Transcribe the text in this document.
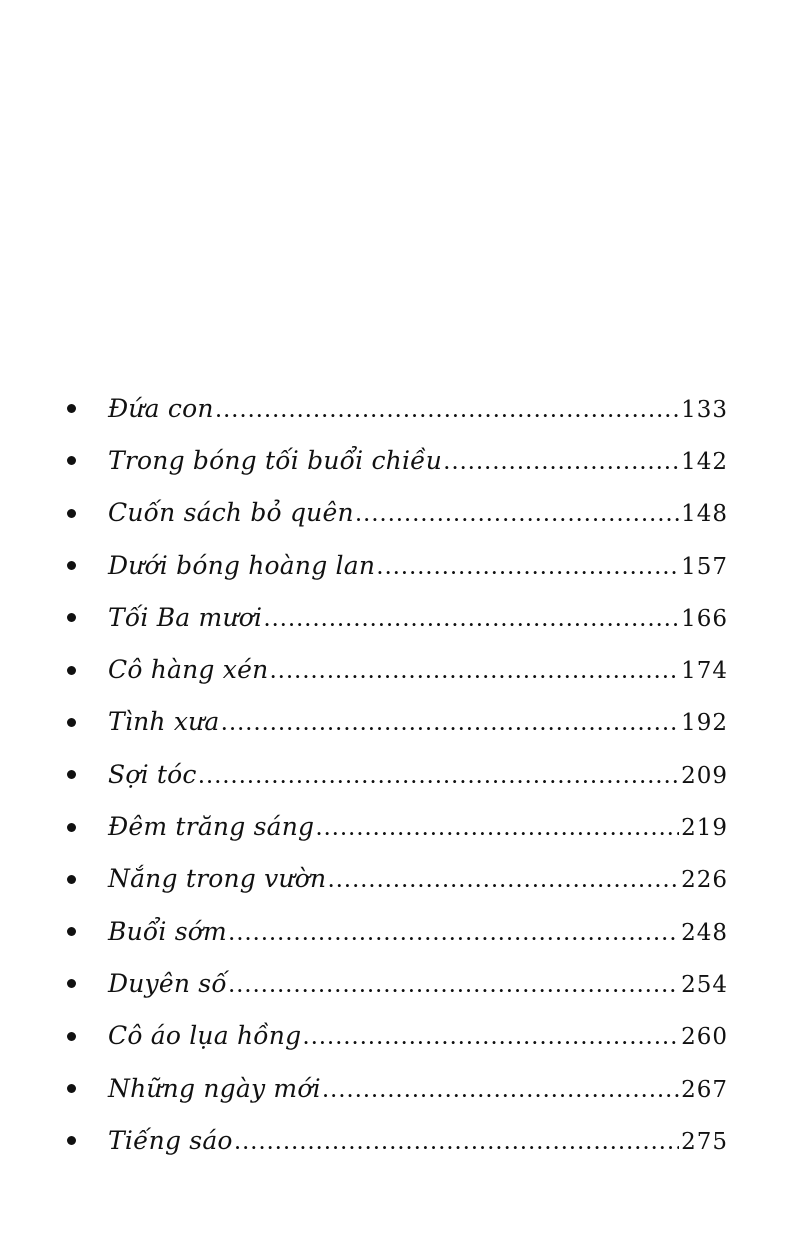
Đứa con .....	133
Trong bóng tối buổi chiều .....	142
Cuốn sách bỏ quên .....	148
Dưới bóng hoàng lan .....	157
Tối Ba mươi .....	166
Cô hàng xén .....	174
Tình xưa .....	192
Sợi tóc .....	209
Đêm trăng sáng .....	219
Nắng trong vườn .....	226
Buổi sớm .....	248
Duyên số .....	254
Cô áo lụa hồng .....	260
Những ngày mới .....	267
Tiếng sáo .....	275
